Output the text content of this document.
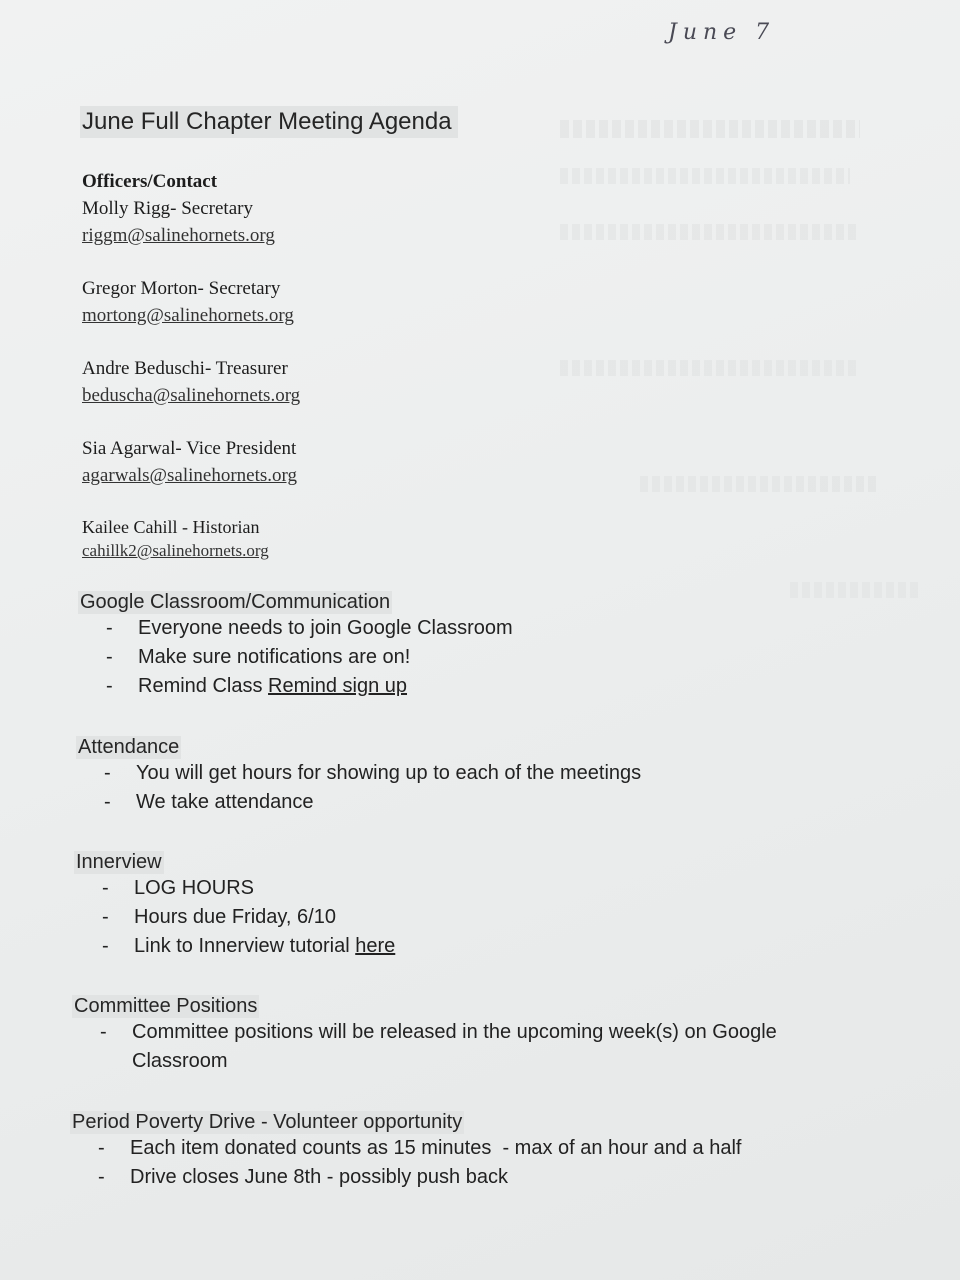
June 7
June Full Chapter Meeting Agenda
Officers/Contact
Molly Rigg- Secretary
riggm@salinehornets.org
Gregor Morton- Secretary
mortong@salinehornets.org
Andre Beduschi- Treasurer
beduscha@salinehornets.org
Sia Agarwal- Vice President
agarwals@salinehornets.org
Kailee Cahill - Historian
cahillk2@salinehornets.org
Google Classroom/Communication
- Everyone needs to join Google Classroom
- Make sure notifications are on!
- Remind Class Remind sign up
Attendance
- You will get hours for showing up to each of the meetings
- We take attendance
Innerview
- LOG HOURS
- Hours due Friday, 6/10
- Link to Innerview tutorial here
Committee Positions
- Committee positions will be released in the upcoming week(s) on Google Classroom
Period Poverty Drive - Volunteer opportunity
- Each item donated counts as 15 minutes  - max of an hour and a half
- Drive closes June 8th - possibly push back
